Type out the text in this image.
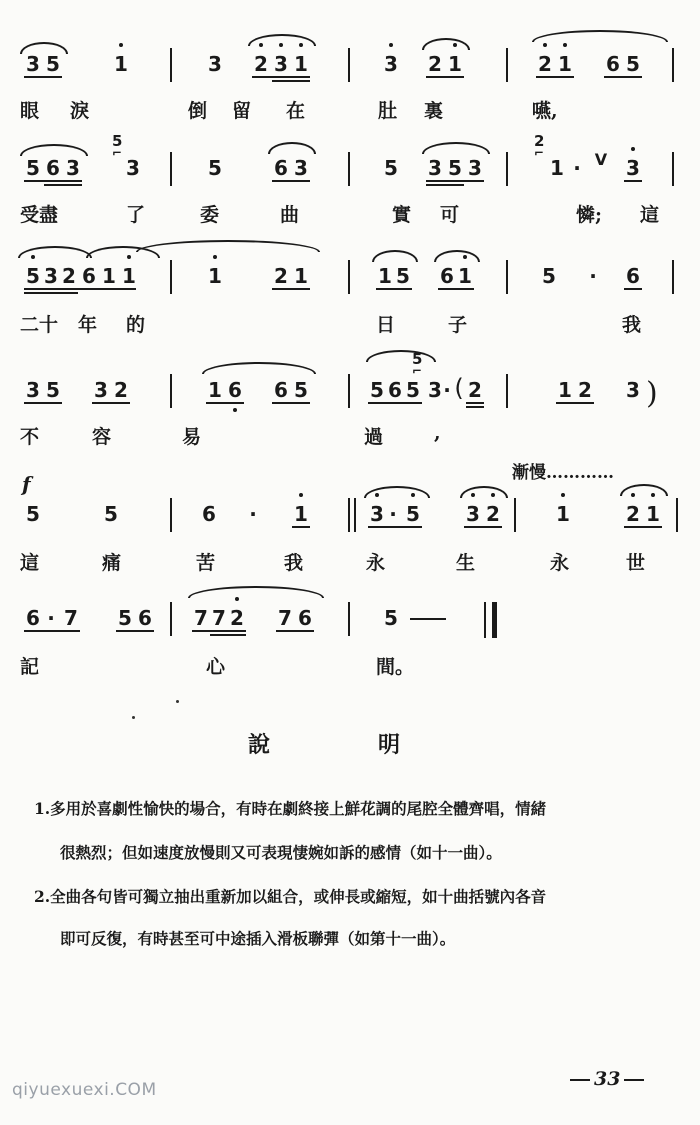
3 5	1	3 2 3 1	3 2 1	2 1 6 5
眼 淚	倒 留 在	肚 裏	嚥,
5 6 3
5
⌐
3	5	6 3	5 3 5 3
2
⌐
1 · V 3
受盡	了	委	曲	實 可	憐; 這
5 3 2 6 1 1	1	2 1	1 5 6 1	5 · 6
二十 年 的	日	子	我
3 5 3 2	1 6 6 5	5 6 5
5
⌐
3 · ( 2	1 2 3 )
不	容	易	過	,
f	漸慢…………
5	5	6 · 1	3 · 5 3 2	1	2 1
這	痛	苦	我	永	生	永	世
6 · 7 5 6 7 7 2 7 6	5
記	心	間。
說	明
1.多用於喜劇性愉快的場合，有時在劇終接上鮮花調的尾腔全體齊唱，情緒
很熱烈；但如速度放慢則又可表現悽婉如訴的感情（如十一曲）。
2.全曲各句皆可獨立抽出重新加以組合，或伸長或縮短，如十曲括號內各音
即可反復，有時甚至可中途插入滑板聯彈（如第十一曲）。
33
qiyuexuexi.COM
